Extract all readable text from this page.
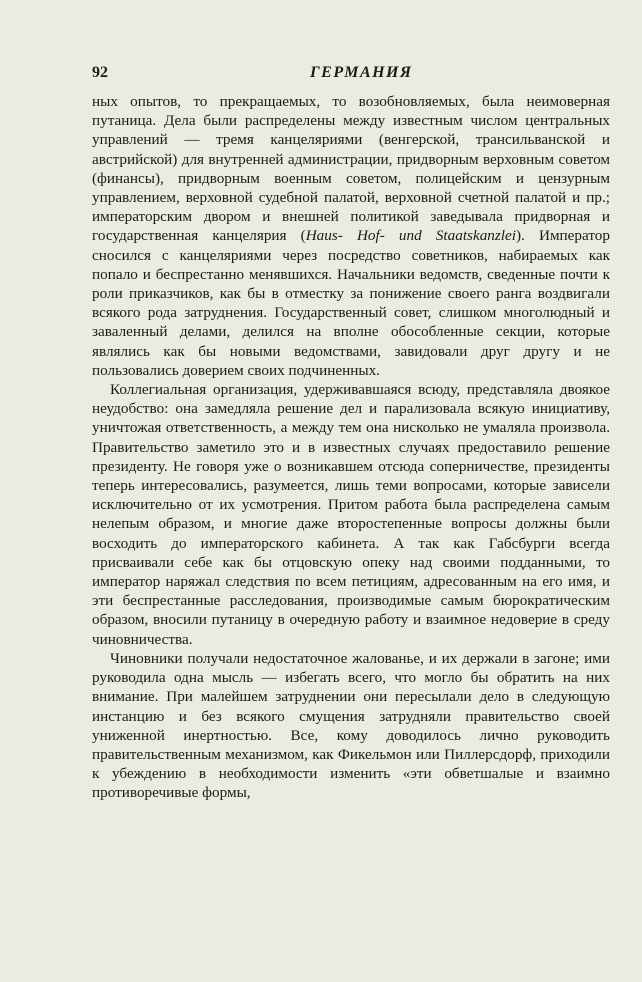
92	ГЕРМАНИЯ

ных опытов, то прекращаемых, то возобновляемых, была неимоверная путаница. Дела были распределены между известным числом центральных управлений — тремя канцеляриями (венгерской, трансильванской и австрийской) для внутренней администрации, придворным верховным советом (финансы), придворным военным советом, полицейским и цензурным управлением, верховной судебной палатой, верховной счетной палатой и пр.; императорским двором и внешней политикой заведывала придворная и государственная канцелярия (Haus- Hof- und Staatskanzlei). Император сносился с канцеляриями через посредство советников, набираемых как попало и беспрестанно менявшихся. Начальники ведомств, сведенные почти к роли приказчиков, как бы в отместку за понижение своего ранга воздвигали всякого рода затруднения. Государственный совет, слишком многолюдный и заваленный делами, делился на вполне обособленные секции, которые являлись как бы новыми ведомствами, завидовали друг другу и не пользовались доверием своих подчиненных.

Коллегиальная организация, удерживавшаяся всюду, представляла двоякое неудобство: она замедляла решение дел и парализовала всякую инициативу, уничтожая ответственность, а между тем она нисколько не умаляла произвола. Правительство заметило это и в известных случаях предоставило решение президенту. Не говоря уже о возникавшем отсюда соперничестве, президенты теперь интересовались, разумеется, лишь теми вопросами, которые зависели исключительно от их усмотрения. Притом работа была распределена самым нелепым образом, и многие даже второстепенные вопросы должны были восходить до императорского кабинета. А так как Габсбурги всегда присваивали себе как бы отцовскую опеку над своими подданными, то император наряжал следствия по всем петициям, адресованным на его имя, и эти беспрестанные расследования, производимые самым бюрократическим образом, вносили путаницу в очередную работу и взаимное недоверие в среду чиновничества.

Чиновники получали недостаточное жалованье, и их держали в загоне; ими руководила одна мысль — избегать всего, что могло бы обратить на них внимание. При малейшем затруднении они пересылали дело в следующую инстанцию и без всякого смущения затрудняли правительство своей униженной инертностью. Все, кому доводилось лично руководить правительственным механизмом, как Фикельмон или Пиллерсдорф, приходили к убеждению в необходимости изменить «эти обветшалые и взаимно противоречивые формы,
